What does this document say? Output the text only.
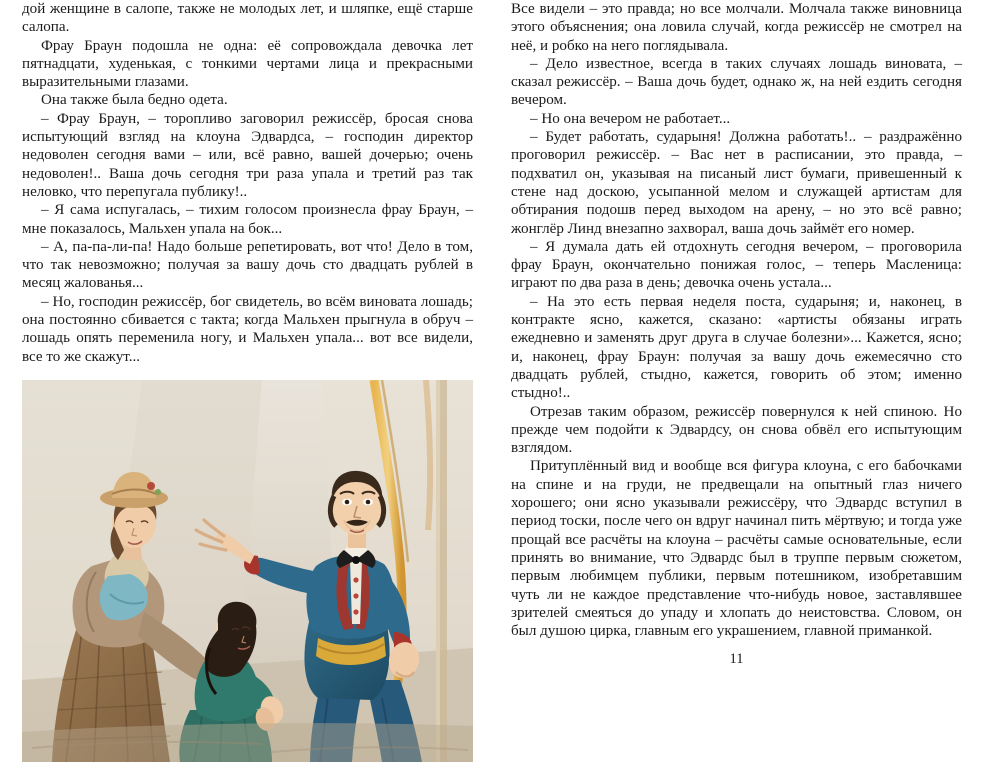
дой женщине в салопе, также не молодых лет, и шляпке, ещё старше салопа.

Фрау Браун подошла не одна: её сопровождала девочка лет пятнадцати, худенькая, с тонкими чертами лица и прекрасными выразительными глазами.

Она также была бедно одета.

– Фрау Браун, – торопливо заговорил режиссёр, бросая снова испытующий взгляд на клоуна Эдвардса, – господин директор недоволен сегодня вами – или, всё равно, вашей дочерью; очень недоволен!.. Ваша дочь сегодня три раза упала и третий раз так неловко, что перепугала публику!..

– Я сама испугалась, – тихим голосом произнесла фрау Браун, – мне показалось, Мальхен упала на бок...

– А, па-па-ли-па! Надо больше репетировать, вот что! Дело в том, что так невозможно; получая за вашу дочь сто двадцать рублей в месяц жалованья...

– Но, господин режиссёр, бог свидетель, во всём виновата лошадь; она постоянно сбивается с такта; когда Мальхен прыгнула в обруч – лошадь опять переменила ногу, и Мальхен упала... вот все видели, все то же скажут...

Все видели – это правда; но все молчали. Молчала также виновница этого объяснения; она ловила случай, когда режиссёр не смотрел на неё, и робко на него поглядывала.

– Дело известное, всегда в таких случаях лошадь виновата, – сказал режиссёр. – Ваша дочь будет, однако ж, на ней ездить сегодня вечером.

– Но она вечером не работает...

– Будет работать, сударыня! Должна работать!.. – раздражённо проговорил режиссёр. – Вас нет в расписании, это правда, – подхватил он, указывая на писаный лист бумаги, привешенный к стене над доскою, усыпанной мелом и служащей артистам для обтирания подошв перед выходом на арену, – но это всё равно; жонглёр Линд внезапно захворал, ваша дочь займёт его номер.

– Я думала дать ей отдохнуть сегодня вечером, – проговорила фрау Браун, окончательно понижая голос, – теперь Масленица: играют по два раза в день; девочка очень устала...

– На это есть первая неделя поста, сударыня; и, наконец, в контракте ясно, кажется, сказано: «артисты обязаны играть ежедневно и заменять друг друга в случае болезни»... Кажется, ясно; и, наконец, фрау Браун: получая за вашу дочь ежемесячно сто двадцать рублей, стыдно, кажется, говорить об этом; именно стыдно!..

Отрезав таким образом, режиссёр повернулся к ней спиною. Но прежде чем подойти к Эдвардсу, он снова обвёл его испытующим взглядом.

Притуплённый вид и вообще вся фигура клоуна, с его бабочками на спине и на груди, не предвещали на опытный глаз ничего хорошего; они ясно указывали режиссёру, что Эдвардс вступил в период тоски, после чего он вдруг начинал пить мёртвую; и тогда уже прощай все расчёты на клоуна – расчёты самые основательные, если принять во внимание, что Эдвардс был в труппе первым сюжетом, первым любимцем публики, первым потешником, изобретавшим чуть ли не каждое представление что-нибудь новое, заставлявшее зрителей смеяться до упаду и хлопать до неистовства. Словом, он был душою цирка, главным его украшением, главной приманкой.

11
